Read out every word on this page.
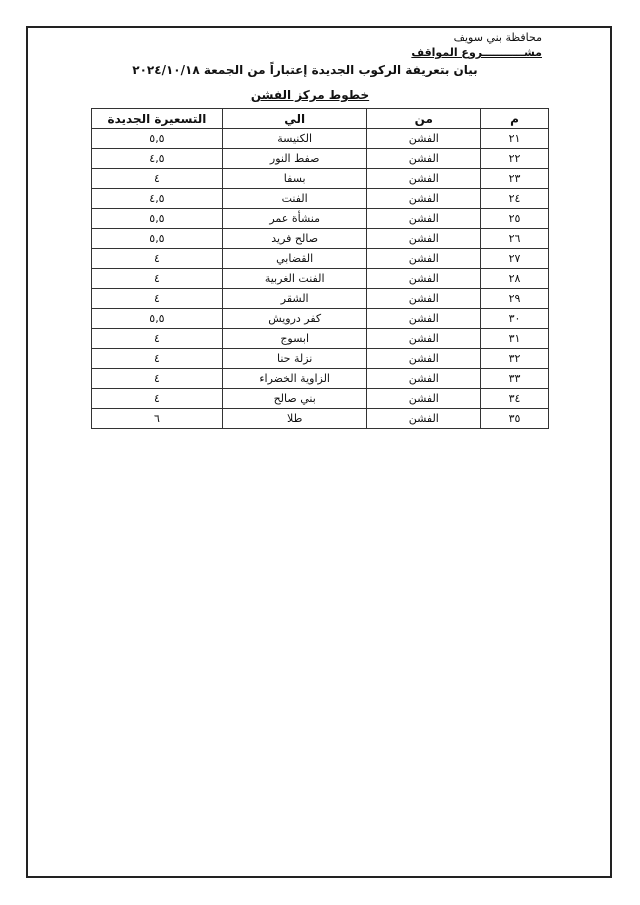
محافظة بني سويف
مشـــــــــــروع المواقف
بيان بتعريفة الركوب الجديدة إعتباراً من الجمعة ٢٠٢٤/١٠/١٨
خطوط مركز الفشن
م	من	الي	التسعيرة الجديدة
٢١	الفشن	الكنيسة	٥,٥
٢٢	الفشن	صفط النور	٤,٥
٢٣	الفشن	بسفا	٤
٢٤	الفشن	الفنت	٤,٥
٢٥	الفشن	منشأة عمر	٥,٥
٢٦	الفشن	صالح فريد	٥,٥
٢٧	الفشن	القضابي	٤
٢٨	الفشن	الفنت الغربية	٤
٢٩	الفشن	الشقر	٤
٣٠	الفشن	كفر درويش	٥,٥
٣١	الفشن	ابسوج	٤
٣٢	الفشن	نزلة حنا	٤
٣٣	الفشن	الزاوية الخضراء	٤
٣٤	الفشن	بني صالح	٤
٣٥	الفشن	طلا	٦
